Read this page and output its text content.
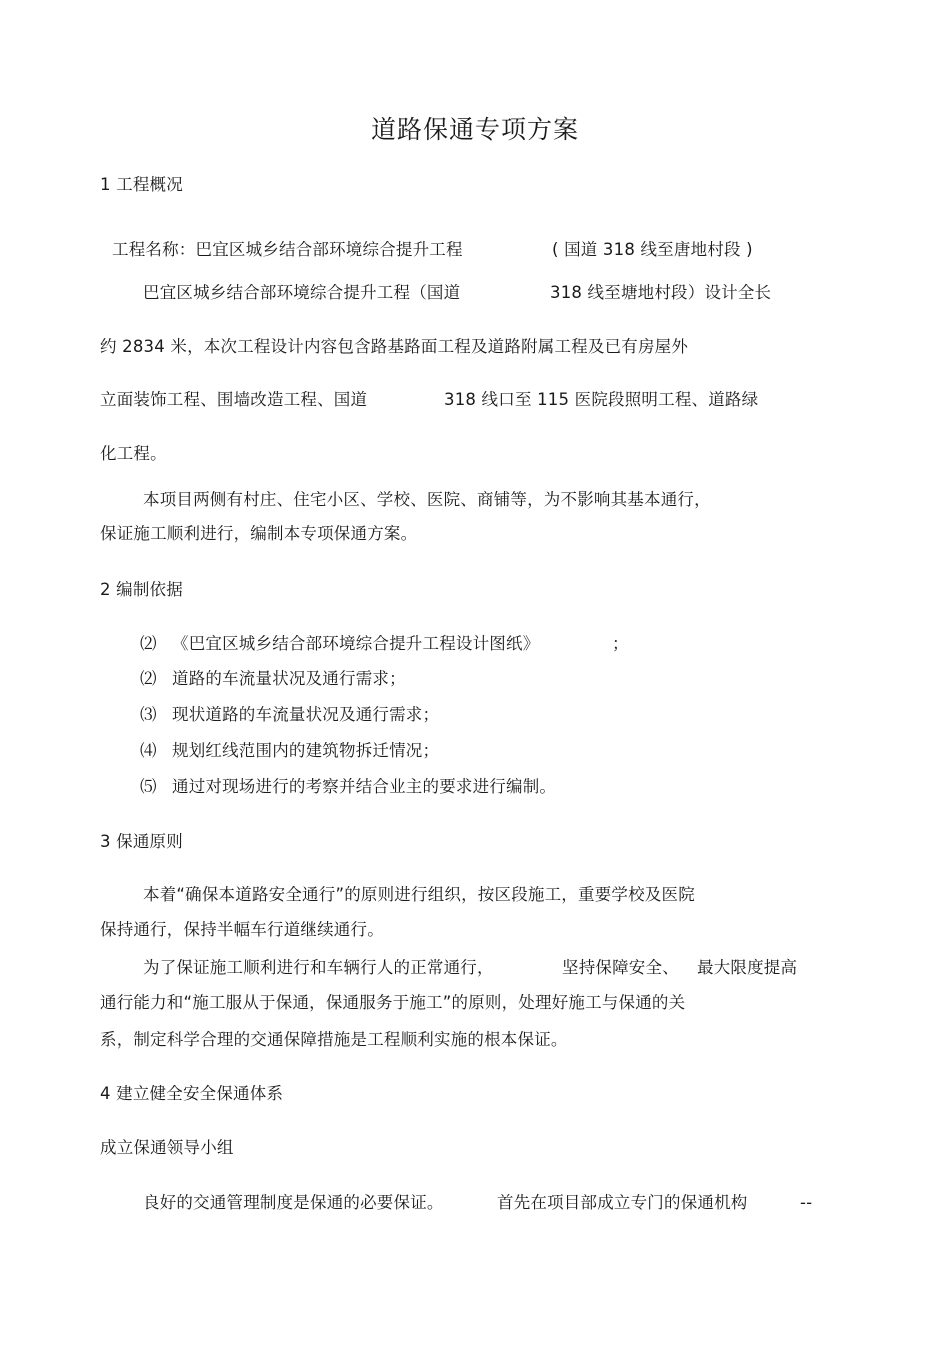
道路保通专项方案
1 工程概况
工程名称：巴宜区城乡结合部环境综合提升工程	( 国道 318 线至唐地村段 )
巴宜区城乡结合部环境综合提升工程（国道	318 线至塘地村段）设计全长
约 2834 米，本次工程设计内容包含路基路面工程及道路附属工程及已有房屋外
立面装饰工程、围墙改造工程、国道	318 线口至 115 医院段照明工程、道路绿
化工程。
本项目两侧有村庄、住宅小区、学校、医院、商铺等，为不影响其基本通行，
保证施工顺利进行，编制本专项保通方案。
2 编制依据
⑵ 《巴宜区城乡结合部环境综合提升工程设计图纸》	；
⑵ 道路的车流量状况及通行需求；
⑶ 现状道路的车流量状况及通行需求；
⑷ 规划红线范围内的建筑物拆迁情况；
⑸ 通过对现场进行的考察并结合业主的要求进行编制。
3 保通原则
本着“确保本道路安全通行”的原则进行组织，按区段施工，重要学校及医院
保持通行，保持半幅车行道继续通行。
为了保证施工顺利进行和车辆行人的正常通行，	坚持保障安全、 最大限度提高
通行能力和“施工服从于保通，保通服务于施工”的原则，处理好施工与保通的关
系，制定科学合理的交通保障措施是工程顺利实施的根本保证。
4 建立健全安全保通体系
成立保通领导小组
良好的交通管理制度是保通的必要保证。	首先在项目部成立专门的保通机构	--
